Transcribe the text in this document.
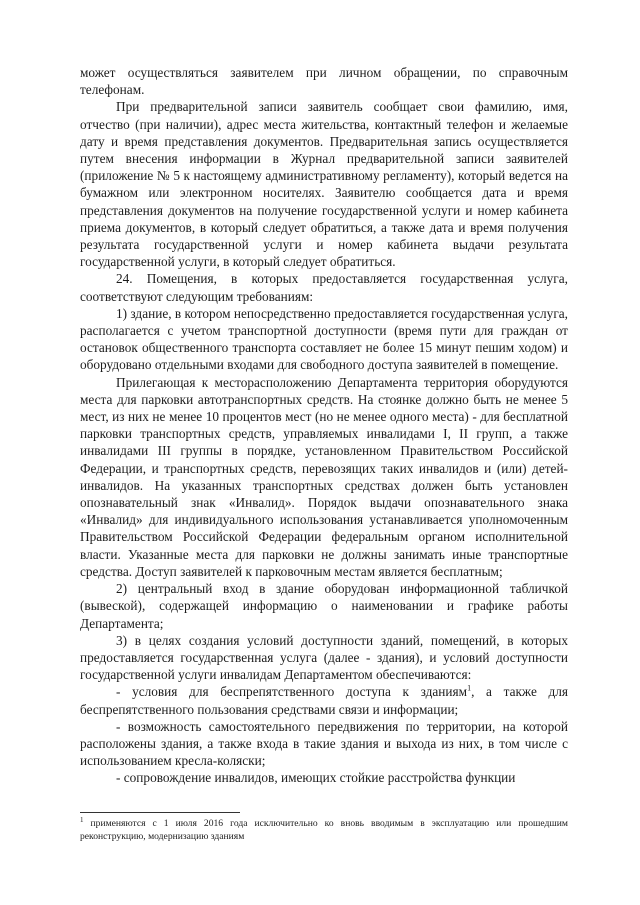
может осуществляться заявителем при личном обращении, по справочным телефонам.

При предварительной записи заявитель сообщает свои фамилию, имя, отчество (при наличии), адрес места жительства, контактный телефон и желаемые дату и время представления документов. Предварительная запись осуществляется путем внесения информации в Журнал предварительной записи заявителей (приложение № 5 к настоящему административному регламенту), который ведется на бумажном или электронном носителях. Заявителю сообщается дата и время представления документов на получение государственной услуги и номер кабинета приема документов, в который следует обратиться, а также дата и время получения результата государственной услуги и номер кабинета выдачи результата государственной услуги, в который следует обратиться.

24. Помещения, в которых предоставляется государственная услуга, соответствуют следующим требованиям:

1) здание, в котором непосредственно предоставляется государственная услуга, располагается с учетом транспортной доступности (время пути для граждан от остановок общественного транспорта составляет не более 15 минут пешим ходом) и оборудовано отдельными входами для свободного доступа заявителей в помещение.

Прилегающая к месторасположению Департамента территория оборудуются места для парковки автотранспортных средств. На стоянке должно быть не менее 5 мест, из них не менее 10 процентов мест (но не менее одного места) - для бесплатной парковки транспортных средств, управляемых инвалидами I, II групп, а также инвалидами III группы в порядке, установленном Правительством Российской Федерации, и транспортных средств, перевозящих таких инвалидов и (или) детей-инвалидов. На указанных транспортных средствах должен быть установлен опознавательный знак «Инвалид». Порядок выдачи опознавательного знака «Инвалид» для индивидуального использования устанавливается уполномоченным Правительством Российской Федерации федеральным органом исполнительной власти. Указанные места для парковки не должны занимать иные транспортные средства. Доступ заявителей к парковочным местам является бесплатным;

2) центральный вход в здание оборудован информационной табличкой (вывеской), содержащей информацию о наименовании и графике работы Департамента;

3) в целях создания условий доступности зданий, помещений, в которых предоставляется государственная услуга (далее - здания), и условий доступности государственной услуги инвалидам Департаментом обеспечиваются:

- условия для беспрепятственного доступа к зданиям$^1$, а также для беспрепятственного пользования средствами связи и информации;

- возможность самостоятельного передвижения по территории, на которой расположены здания, а также входа в такие здания и выхода из них, в том числе с использованием кресла-коляски;

- сопровождение инвалидов, имеющих стойкие расстройства функции

$^1$ применяются с 1 июля 2016 года исключительно ко вновь вводимым в эксплуатацию или прошедшим реконструкцию, модернизацию зданиям
